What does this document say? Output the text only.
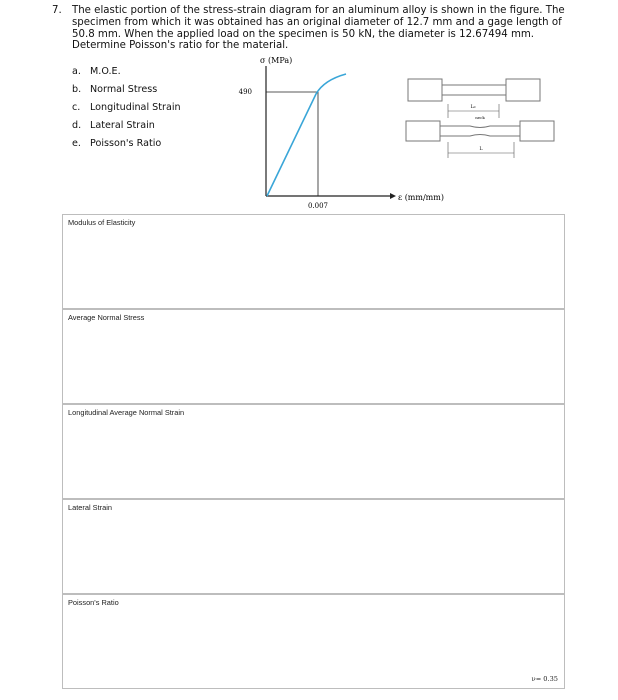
7. The elastic portion of the stress-strain diagram for an aluminum alloy is shown in the figure. The specimen from which it was obtained has an original diameter of 12.7 mm and a gage length of 50.8 mm. When the applied load on the specimen is 50 kN, the diameter is 12.67494 mm. Determine Poisson's ratio for the material.
a. M.O.E.
b. Normal Stress
c. Longitudinal Strain
d. Lateral Strain
e. Poisson's Ratio
490
0.007
σ (MPa)
ε (mm/mm)
L₀
neck
L
Modulus of Elasticity
Average Normal Stress
Longitudinal Average Normal Strain
Lateral Strain
Poisson's Ratio
ν= 0.35
